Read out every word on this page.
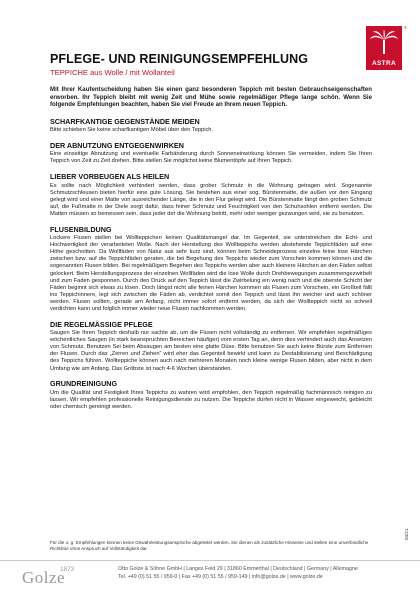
ASTRA
®
PFLEGE- UND REINIGUNGSEMPFEHLUNG
TEPPICHE aus Wolle / mit Wollanteil

Mit Ihrer Kaufentscheidung haben Sie einen ganz besonderen Teppich mit besten Gebrauchseigenschaften erworben. Ihr Teppich bleibt mit wenig Zeit und Mühe sowie regelmäßiger Pflege lange schön. Wenn Sie folgende Empfehlungen beachten, haben Sie viel Freude an Ihrem neuen Teppich.

SCHARFKANTIGE GEGENSTÄNDE MEIDEN

Bitte schieben Sie keine scharfkantigen Möbel über den Teppich.

DER ABNUTZUNG ENTGEGENWIRKEN

Eine einseitige Abnutzung und eventuelle Farbänderung durch Sonneneinwirkung können Sie vermeiden, indem Sie Ihren Teppich von Zeit zu Zeit drehen. Bitte stellen Sie möglichst keine Blumentöpfe auf Ihren Teppich.

LIEBER VORBEUGEN ALS HEILEN

Es sollte nach Möglichkeit verhindert werden, dass grober Schmutz in die Wohnung getragen wird. Sogenannte Schmutzschleusen bieten hierfür eine gute Lösung. Sie bestehen aus einer sog. Bürstenmatte, die außen vor den Eingang gelegt wird und einer Matte von ausreichender Länge, die in den Flur gelegt wird. Die Bürstenmatte fängt den groben Schmutz auf, die Fußmatte in der Diele sorgt dafür, dass feiner Schmutz und Feuchtigkeit von den Schuhsohlen entfernt werden. Die Matten müssen so bemessen sein, dass jeder der die Wohnung betritt, mehr oder weniger gezwungen wird, sie zu benutzen.

FLUSENBILDUNG

Lockere Flusen stellen bei Wollteppichen keinen Qualitätsmangel dar. Im Gegenteil, sie unterstreichen die Echt- und Hochwertigkeit der verarbeiteten Wolle. Nach der Herstellung des Wollteppichs werden abstehende Teppichfäden auf eine Höhe geschnitten. Da Wollfäden von Natur aus sehr kurz sind, können beim Schneideprozess einzelne feine lose Härchen zwischen bzw. auf die Teppichfäden geraten, die bei Begehung des Teppichs wieder zum Vorschein kommen können und die sogenannten Flusen bilden. Bei regelmäßigem Begehen des Teppichs werden aber auch kleinere Härchen an den Fäden selbst gelockert. Beim Herstellungsprozess der einzelnen Wollfäden wird die lose Wolle durch Drehbewegungen zusammengezwirbelt und zum Faden gesponnen. Durch den Druck auf den Teppich lässt die Zwirbelung ein wenig nach und die oberste Schicht der Fäden beginnt sich etwas zu lösen. Doch längst nicht alle feinen Härchen kommen als Flusen zum Vorschein, ein Großteil fällt ins Teppichinnere, legt sich zwischen die Fäden ab, verdichtet somit den Teppich und lässt ihn weicher und auch schöner werden. Flusen sollten, gerade am Anfang, nicht immer sofort entfernt werden, da sich der Wollteppich nicht so schnell verdichten kann und folglich immer wieder neue Flusen nachkommen werden.

DIE REGELMÄSSIGE PFLEGE

Saugen Sie Ihren Teppich deshalb nur sachte ab, um die Flusen nicht vollständig zu entfernen. Wir empfehlen regelmäßiges wöchentliches Saugen (in stark beanspruchten Bereichen häufiger) vom ersten Tag an, denn dies verhindert auch das Ansetzen von Schmutz. Benutzen Sei beim Absaugen am besten eine glatte Düse. Bitte benutzen Sie auch keine Bürste zum Entfernen der Flusen. Durch das „Zerren und Ziehen“ wird eher das Gegenteil bewirkt und kann zu Destabilisierung und Beschädigung des Teppichs führen. Wollteppiche können auch nach mehreren Monaten noch kleine wenige Flusen bilden, aber nicht in dem Umfang wie am Anfang. Das Gröbste ist nach 4-6 Wochen überstanden.

GRUNDREINIGUNG

Um die Qualität und Festigkeit Ihres Teppichs zu wahren wird empfohlen, den Teppich regelmäßig fachmännisch reinigen zu lassen. Wir empfehlen professionelle Reinigungsdienste zu nutzen. Die Teppiche dürfen nicht in Wasser eingeweicht, gebleicht oder chemisch gereinigt werden.

Für die o. g. Empfehlungen können keine Gewährleistungsansprüche abgeleitet werden. Sie dienen als zusätzliche Hinweise und stellen eine unverbindliche Richtlinie ohne Anspruch auf Vollständigkeit dar.
04/21
Golze
1873	Otto Golze & Söhne GmbH | Langes Feld 29 | 31860 Emmerthal | Deutschland | Germany | Allemagne
Tel. +49 (0) 51 55 / 959-0 | Fax +49 (0) 51 55 / 959-149 | info@golze.de | www.golze.de
